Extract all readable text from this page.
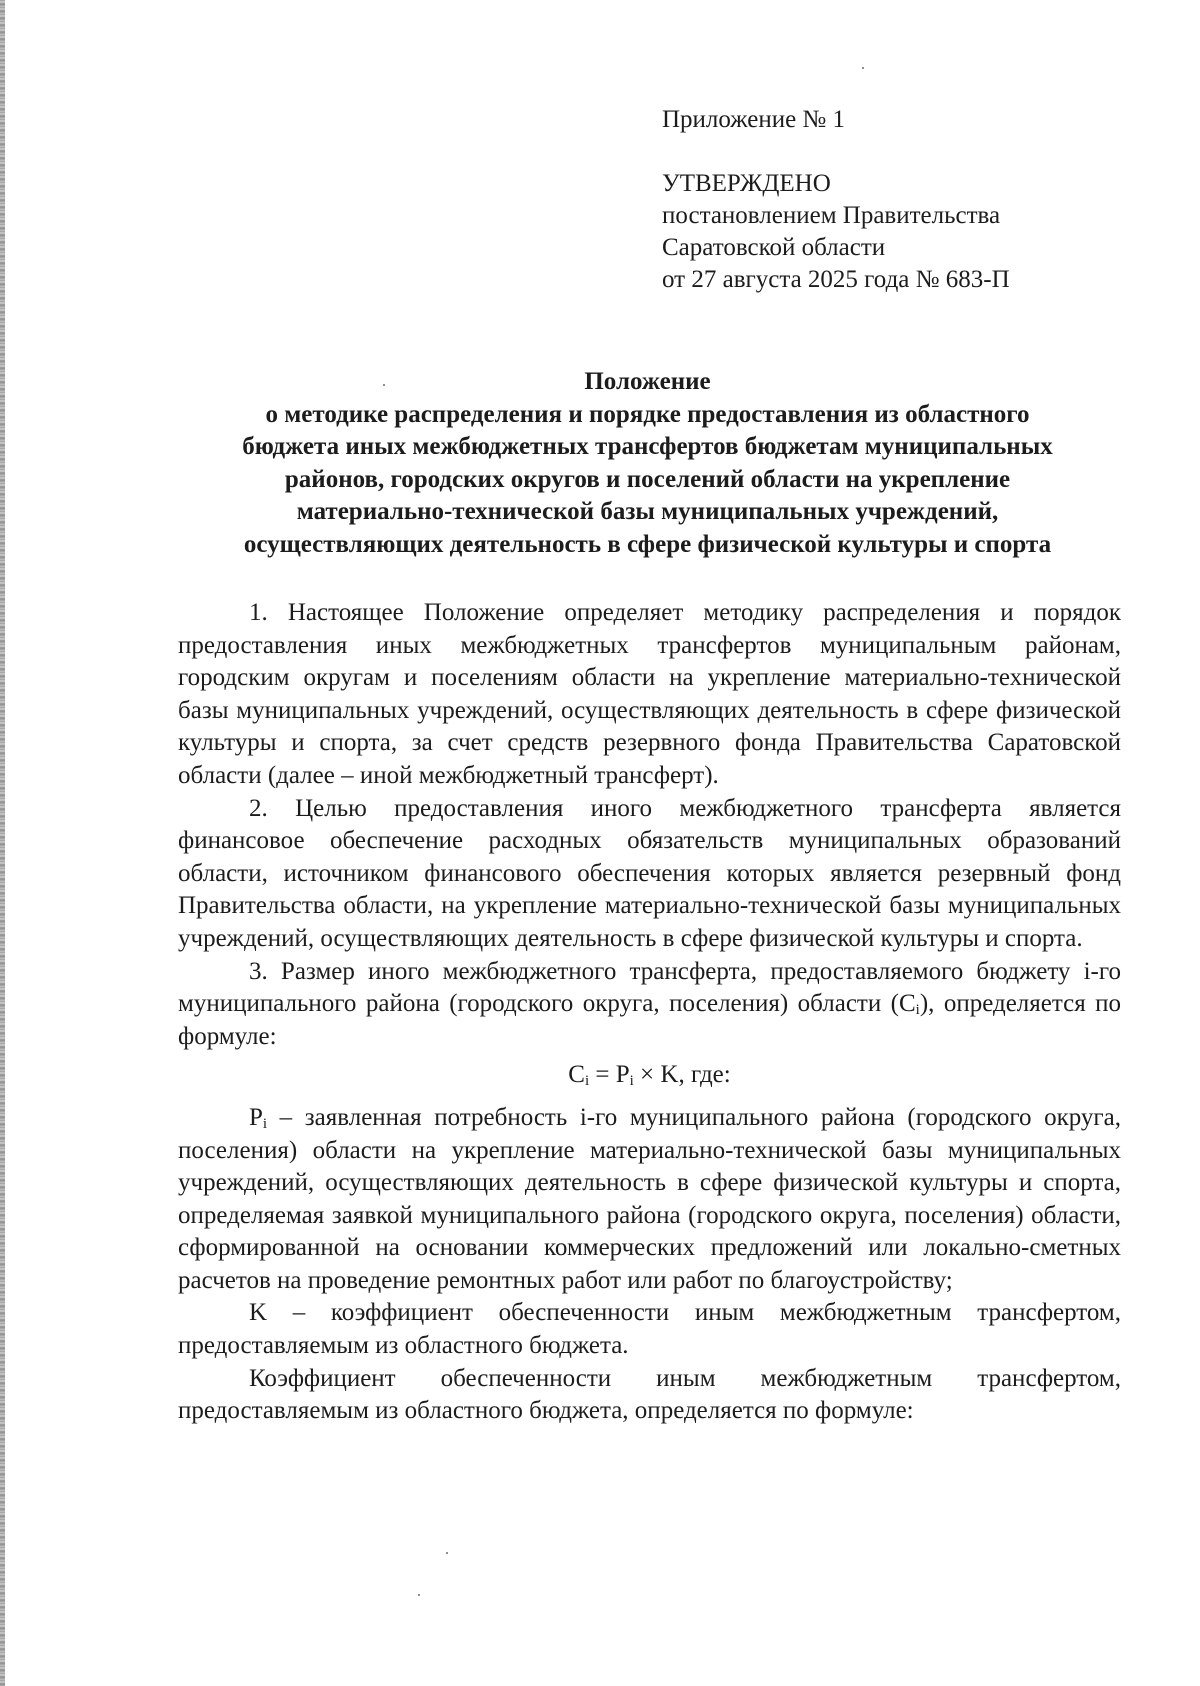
Приложение № 1
УТВЕРЖДЕНО
постановлением Правительства
Саратовской области
от 27 августа 2025 года № 683-П
Положение
о методике распределения и порядке предоставления из областного
бюджета иных межбюджетных трансфертов бюджетам муниципальных
районов, городских округов и поселений области на укрепление
материально-технической базы муниципальных учреждений,
осуществляющих деятельность в сфере физической культуры и спорта

1. Настоящее Положение определяет методику распределения и порядок предоставления иных межбюджетных трансфертов муниципальным районам, городским округам и поселениям области на укрепление материально-технической базы муниципальных учреждений, осуществляющих деятельность в сфере физической культуры и спорта, за счет средств резервного фонда Правительства Саратовской области (далее – иной межбюджетный трансферт).

2. Целью предоставления иного межбюджетного трансферта является финансовое обеспечение расходных обязательств муниципальных образований области, источником финансового обеспечения которых является резервный фонд Правительства области, на укрепление материально-технической базы муниципальных учреждений, осуществляющих деятельность в сфере физической культуры и спорта.

3. Размер иного межбюджетного трансферта, предоставляемого бюджету i-го муниципального района (городского округа, поселения) области $(C_i)$, определяется по формуле:

$C_i = P_i \times K$, где:

$P_i$ – заявленная потребность i-го муниципального района (городского округа, поселения) области на укрепление материально-технической базы муниципальных учреждений, осуществляющих деятельность в сфере физической культуры и спорта, определяемая заявкой муниципального района (городского округа, поселения) области, сформированной на основании коммерческих предложений или локально-сметных расчетов на проведение ремонтных работ или работ по благоустройству;

K – коэффициент обеспеченности иным межбюджетным трансфертом, предоставляемым из областного бюджета.

Коэффициент обеспеченности иным межбюджетным трансфертом, предоставляемым из областного бюджета, определяется по формуле:
